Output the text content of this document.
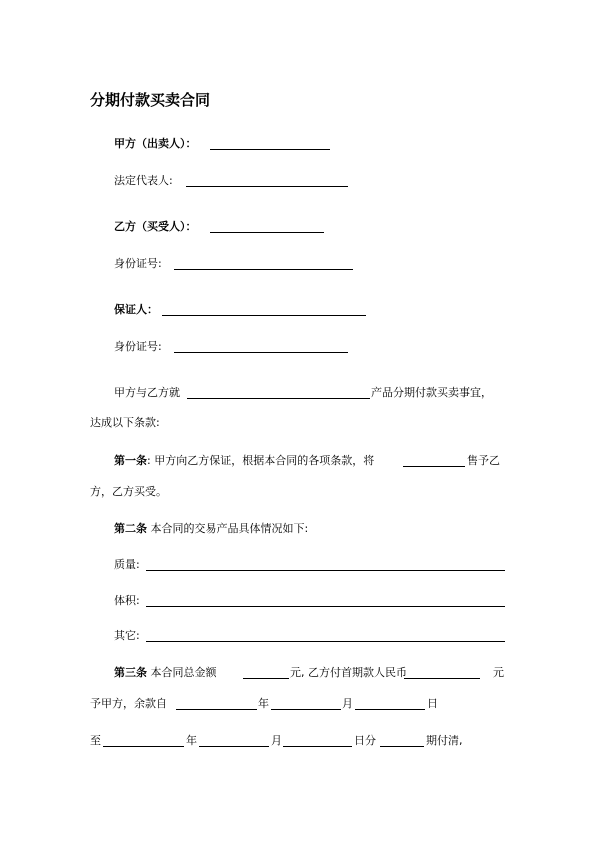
分期付款买卖合同
甲方（出卖人）：
法定代表人:
乙方（买受人）：
身份证号:
保证人：
身份证号:
甲方与乙方就	产品分期付款买卖事宜，
达成以下条款:
第一条: 甲方向乙方保证，根据本合同的各项条款，将	售予乙
方，乙方买受。
第二条 本合同的交易产品具体情况如下:
质量:
体积:
其它:
第三条 本合同总金额	元, 乙方付首期款人民币	元
予甲方，余款自	年	月	日
至	年	月	日分	期付清,
